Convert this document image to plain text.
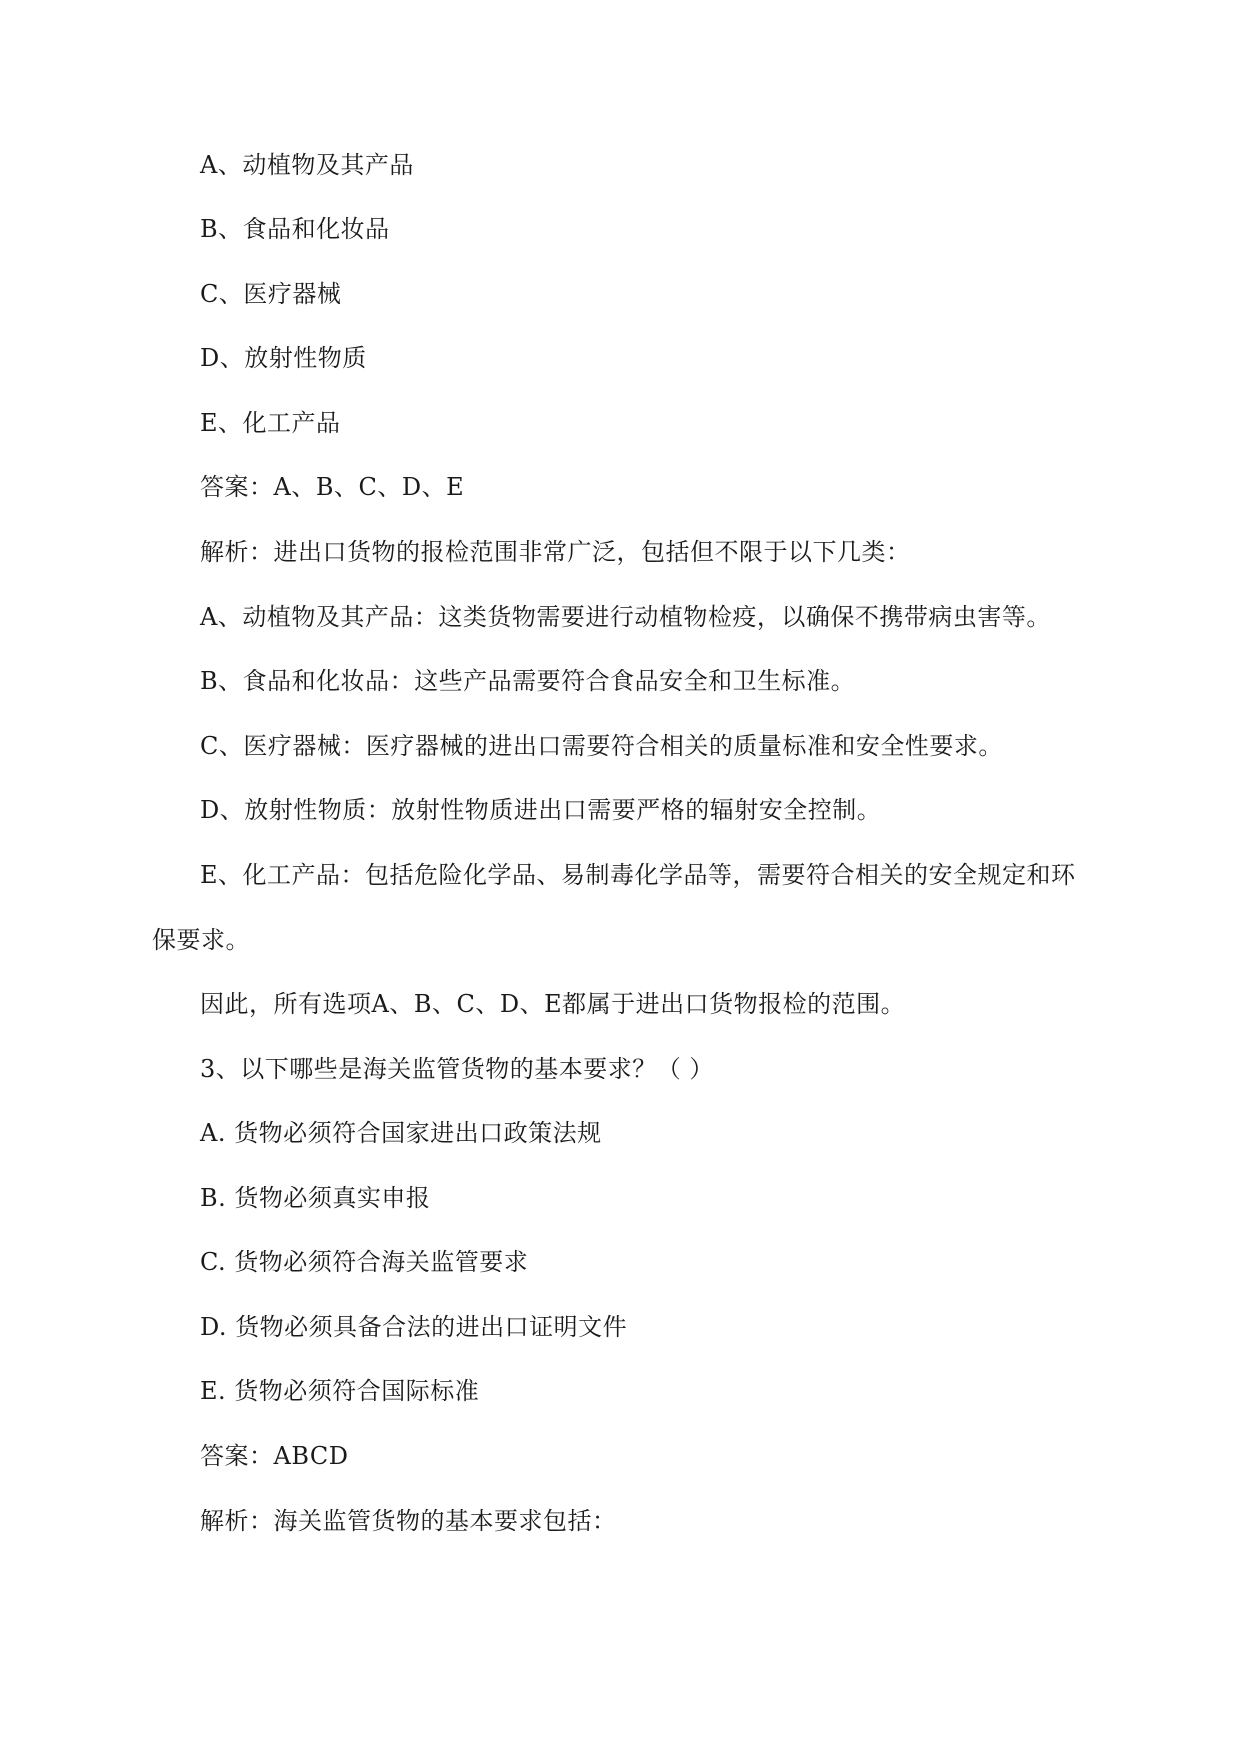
A、动植物及其产品
B、食品和化妆品
C、医疗器械
D、放射性物质
E、化工产品
答案：A、B、C、D、E
解析：进出口货物的报检范围非常广泛，包括但不限于以下几类：
A、动植物及其产品：这类货物需要进行动植物检疫，以确保不携带病虫害等。
B、食品和化妆品：这些产品需要符合食品安全和卫生标准。
C、医疗器械：医疗器械的进出口需要符合相关的质量标准和安全性要求。
D、放射性物质：放射性物质进出口需要严格的辐射安全控制。
E、化工产品：包括危险化学品、易制毒化学品等，需要符合相关的安全规定和环
保要求。
因此，所有选项A、B、C、D、E都属于进出口货物报检的范围。
3、以下哪些是海关监管货物的基本要求？（ ）
A. 货物必须符合国家进出口政策法规
B. 货物必须真实申报
C. 货物必须符合海关监管要求
D. 货物必须具备合法的进出口证明文件
E. 货物必须符合国际标准
答案：ABCD
解析：海关监管货物的基本要求包括：
